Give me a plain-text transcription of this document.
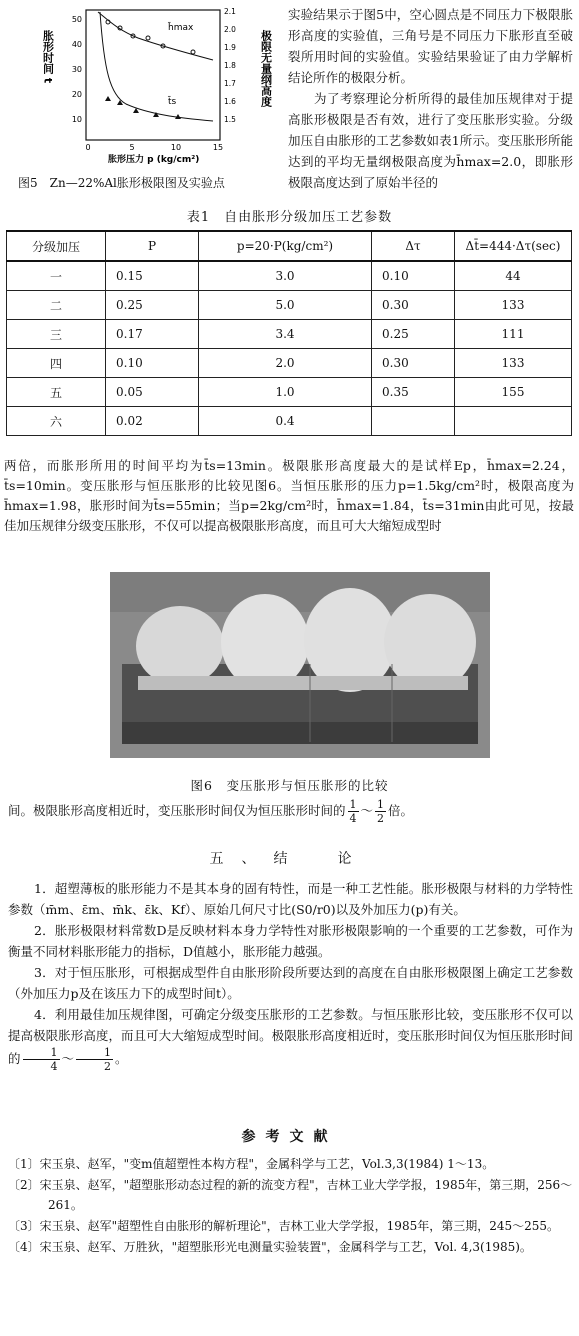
胀形时间 t	极限无量纲高度
50
40
30
20
10
2.1
2.0
1.9
1.8
1.7
1.6
1.5
0	5	10	15
胀形压力 p (kg/cm²)
h̄max
t̄s
图5　Zn—22%Al胀形极限图及实验点

实验结果示于图5中，空心圆点是不同压力下极限胀形高度的实验值，三角号是不同压力下胀形直至破裂所用时间的实验值。实验结果验证了由力学解析结论所作的极限分析。

为了考察理论分析所得的最佳加压规律对于提高胀形极限是否有效，进行了变压胀形实验。分级加压自由胀形的工艺参数如表1所示。变压胀形所能达到的平均无量纲极限高度为h̄max=2.0，即胀形极限高度达到了原始半径的

表1　自由胀形分级加压工艺参数
分级加压	P	p=20·P(kg/cm²)	Δτ	Δt̄=444·Δτ(sec)
一	0.15	3.0	0.10	44
二	0.25	5.0	0.30	133
三	0.17	3.4	0.25	111
四	0.10	2.0	0.30	133
五	0.05	1.0	0.35	155
六	0.02	0.4		
两倍，而胀形所用的时间平均为t̄s=13min。极限胀形高度最大的是试样Ep，h̄max=2.24，t̄s=10min。变压胀形与恒压胀形的比较见图6。当恒压胀形的压力p=1.5kg/cm²时，极限高度为h̄max=1.98，胀形时间为t̄s=55min；当p=2kg/cm²时，h̄max=1.84，t̄s=31min由此可见，按最佳加压规律分级变压胀形，不仅可以提高极限胀形高度，而且可大大缩短成型时
图6　变压胀形与恒压胀形的比较
间。极限胀形高度相近时，变压胀形时间仅为恒压胀形时间的 $\frac{1}{4}$ ～ $\frac{1}{2}$ 倍。
五、结　论

1．超塑薄板的胀形能力不是其本身的固有特性，而是一种工艺性能。胀形极限与材料的力学特性参数（m̄m、ε̄m、m̄k、ε̄k、Kf）、原始几何尺寸比(S0/r0)以及外加压力(p)有关。

2．胀形极限材料常数D是反映材料本身力学特性对胀形极限影响的一个重要的工艺参数，可作为衡量不同材料胀形能力的指标，D值越小，胀形能力越强。

3．对于恒压胀形，可根据成型件自由胀形阶段所要达到的高度在自由胀形极限图上确定工艺参数（外加压力p及在该压力下的成型时间t）。

4．利用最佳加压规律图，可确定分级变压胀形的工艺参数。与恒压胀形比较，变压胀形不仅可以提高极限胀形高度，而且可大大缩短成型时间。极限胀形高度相近时，变压胀形时间仅为恒压胀形时间的 $\frac{1}{4}$ ～ $\frac{1}{2}$ 。

参考文献
〔1〕宋玉泉、赵军，"变m值超塑性本构方程"，金属科学与工艺，Vol.3,3(1984) 1～13。
〔2〕宋玉泉、赵军，"超塑胀形动态过程的新的流变方程"，吉林工业大学学报，1985年，第三期，256～261。
〔3〕宋玉泉、赵军"超塑性自由胀形的解析理论"，吉林工业大学学报，1985年，第三期，245～255。
〔4〕宋玉泉、赵军、万胜狄，"超塑胀形光电测量实验装置"，金属科学与工艺，Vol. 4,3(1985)。
